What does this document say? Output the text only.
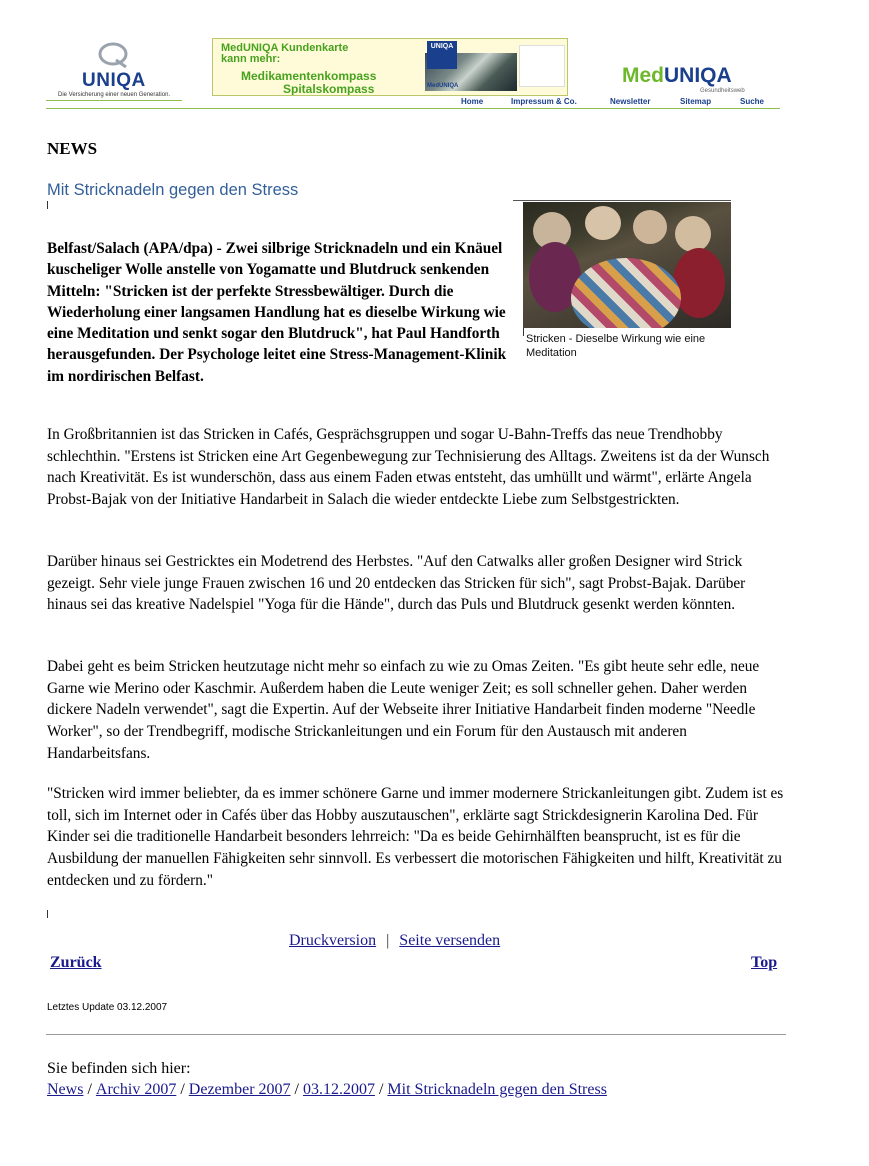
UNIQA
Die Versicherung einer neuen Generation.
MedUNIQA Kundenkarte
kann mehr:
Medikamentenkompass
Spitalskompass
UNIQA
MedUNIQA	MedUNIQA
Gesundheitsweb
Home	Impressum & Co.	Newsletter	Sitemap	Suche
NEWS
Mit Stricknadeln gegen den Stress
Stricken - Dieselbe Wirkung wie eine Meditation
Belfast/Salach (APA/dpa) - Zwei silbrige Stricknadeln und ein Knäuel kuscheliger Wolle anstelle von Yogamatte und Blutdruck senkenden Mitteln: "Stricken ist der perfekte Stressbewältiger. Durch die Wiederholung einer langsamen Handlung hat es dieselbe Wirkung wie eine Meditation und senkt sogar den Blutdruck", hat Paul Handforth herausgefunden. Der Psychologe leitet eine Stress-Management-Klinik im nordirischen Belfast.

In Großbritannien ist das Stricken in Cafés, Gesprächsgruppen und sogar U-Bahn-Treffs das neue Trendhobby schlechthin. "Erstens ist Stricken eine Art Gegenbewegung zur Technisierung des Alltags. Zweitens ist da der Wunsch nach Kreativität. Es ist wunderschön, dass aus einem Faden etwas entsteht, das umhüllt und wärmt", erlärte Angela Probst-Bajak von der Initiative Handarbeit in Salach die wieder entdeckte Liebe zum Selbstgestrickten.

Darüber hinaus sei Gestricktes ein Modetrend des Herbstes. "Auf den Catwalks aller großen Designer wird Strick gezeigt. Sehr viele junge Frauen zwischen 16 und 20 entdecken das Stricken für sich", sagt Probst-Bajak. Darüber hinaus sei das kreative Nadelspiel "Yoga für die Hände", durch das Puls und Blutdruck gesenkt werden könnten.

Dabei geht es beim Stricken heutzutage nicht mehr so einfach zu wie zu Omas Zeiten. "Es gibt heute sehr edle, neue Garne wie Merino oder Kaschmir. Außerdem haben die Leute weniger Zeit; es soll schneller gehen. Daher werden dickere Nadeln verwendet", sagt die Expertin. Auf der Webseite ihrer Initiative Handarbeit finden moderne "Needle Worker", so der Trendbegriff, modische Strickanleitungen und ein Forum für den Austausch mit anderen Handarbeitsfans.

"Stricken wird immer beliebter, da es immer schönere Garne und immer modernere Strickanleitungen gibt. Zudem ist es toll, sich im Internet oder in Cafés über das Hobby auszutauschen", erklärte sagt Strickdesignerin Karolina Ded. Für Kinder sei die traditionelle Handarbeit besonders lehrreich: "Da es beide Gehirnhälften beansprucht, ist es für die Ausbildung der manuellen Fähigkeiten sehr sinnvoll. Es verbessert die motorischen Fähigkeiten und hilft, Kreativität zu entdecken und zu fördern."

Druckversion | Seite versenden
Zurück	Top
Letztes Update 03.12.2007
Sie befinden sich hier:
News / Archiv 2007 / Dezember 2007 / 03.12.2007 / Mit Stricknadeln gegen den Stress
